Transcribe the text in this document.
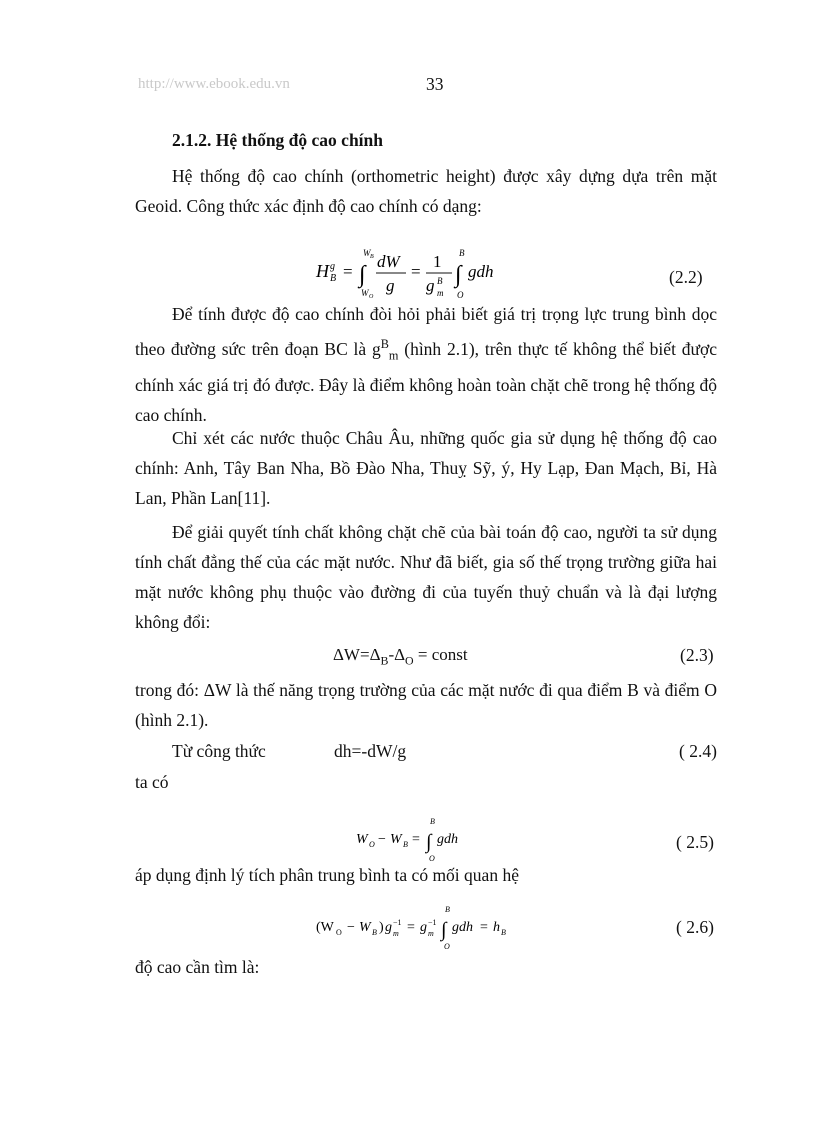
http://www.ebook.edu.vn	33
2.1.2. Hệ thống độ cao chính
Hệ thống độ cao chính (orthometric height) được xây dựng dựa trên mặt Geoid. Công thức xác định độ cao chính có dạng:
H g
B = ∫
W B
W O
dW
g
=
1
g B
m
∫
B
O
gdh	(2.2)
Để tính được độ cao chính đòi hỏi phải biết giá trị trọng lực trung bình dọc theo đường sức trên đoạn BC là $g^B_m$ (hình 2.1), trên thực tế không thể biết được chính xác giá trị đó được. Đây là điểm không hoàn toàn chặt chẽ trong hệ thống độ cao chính.
Chỉ xét các nước thuộc Châu Âu, những quốc gia sử dụng hệ thống độ cao chính: Anh, Tây Ban Nha, Bồ Đào Nha, Thuỵ Sỹ, ý, Hy Lạp, Đan Mạch, Bỉ, Hà Lan, Phần Lan[11].
Để giải quyết tính chất không chặt chẽ của bài toán độ cao, người ta sử dụng tính chất đẳng thế của các mặt nước. Như đã biết, gia số thế trọng trường giữa hai mặt nước không phụ thuộc vào đường đi của tuyến thuỷ chuẩn và là đại lượng không đổi:
$\Delta W=\Delta_B-\Delta_O$ = const	(2.3)
trong đó: ΔW là thế năng trọng trường của các mặt nước đi qua điểm B và điểm O (hình 2.1).
Từ công thức	dh=-dW/g	( 2.4)
ta có
W O − W B = ∫
B
O
gdh	( 2.5)
áp dụng định lý tích phân trung bình ta có mối quan hệ
(W O − W B ) g −1
m = g −1
m ∫
B
O
gdh = h B	( 2.6)
độ cao cần tìm là:
